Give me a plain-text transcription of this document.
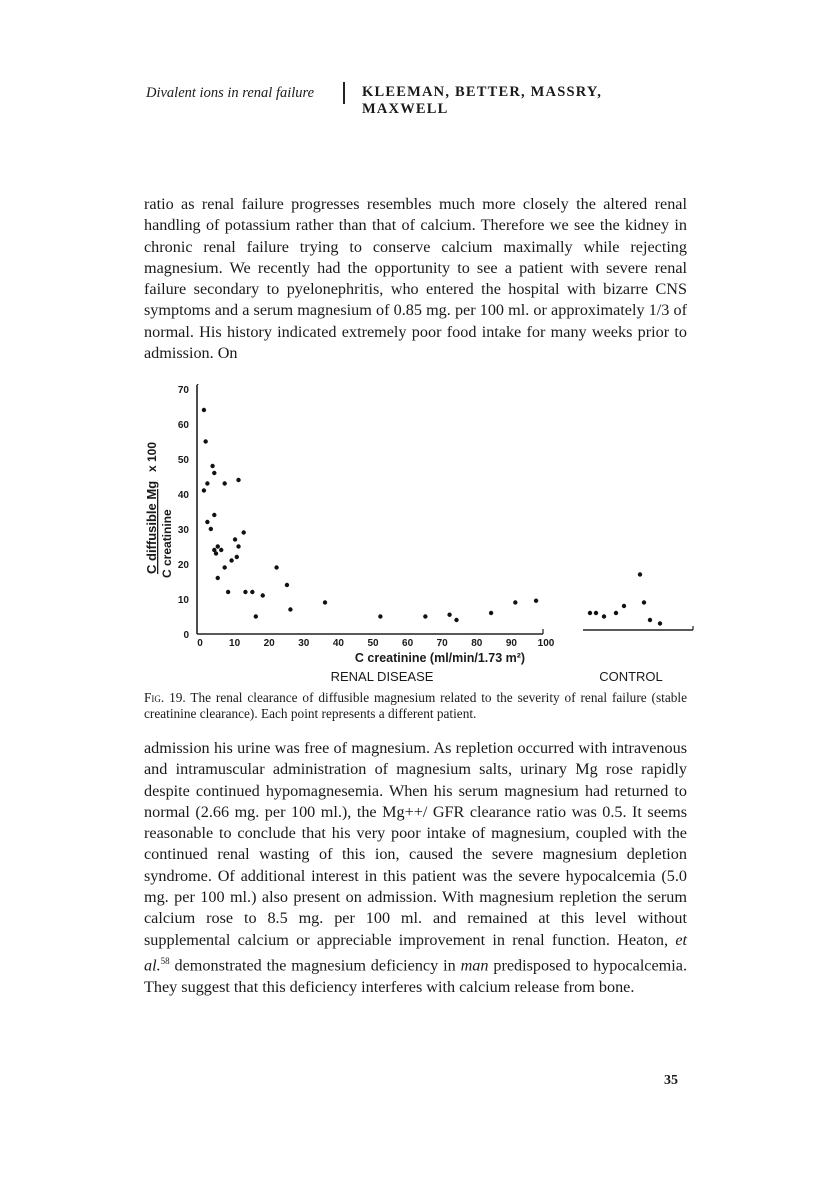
Divalent ions in renal failure	KLEEMAN, BETTER, MASSRY, MAXWELL

ratio as renal failure progresses resembles much more closely the altered renal handling of potassium rather than that of calcium. Therefore we see the kidney in chronic renal failure trying to conserve calcium maximally while rejecting magnesium. We recently had the opportunity to see a patient with severe renal failure secondary to pyelonephritis, who entered the hospital with bizarre CNS symptoms and a serum magnesium of 0.85 mg. per 100 ml. or approximately 1/3 of normal. His history indicated extremely poor food intake for many weeks prior to admission. On

0
10
20
30
40
50
60
70
0	10 20 30 40 50 60 70 80 90 100
C diffusible Mg C creatinine
x 100
C creatinine (ml/min/1.73 m²)
RENAL DISEASE	CONTROL

Fig. 19. The renal clearance of diffusible magnesium related to the severity of renal failure (stable creatinine clearance). Each point represents a different patient.

admission his urine was free of magnesium. As repletion occurred with intravenous and intramuscular administration of magnesium salts, urinary Mg rose rapidly despite continued hypomagnesemia. When his serum magnesium had returned to normal (2.66 mg. per 100 ml.), the Mg++/ GFR clearance ratio was 0.5. It seems reasonable to conclude that his very poor intake of magnesium, coupled with the continued renal wasting of this ion, caused the severe magnesium depletion syndrome. Of additional interest in this patient was the severe hypocalcemia (5.0 mg. per 100 ml.) also present on admission. With magnesium repletion the serum calcium rose to 8.5 mg. per 100 ml. and remained at this level without supplemental calcium or appreciable improvement in renal function. Heaton, et al.$^{58}$ demonstrated the magnesium deficiency in man predisposed to hypocalcemia. They suggest that this deficiency interferes with calcium release from bone.

35
